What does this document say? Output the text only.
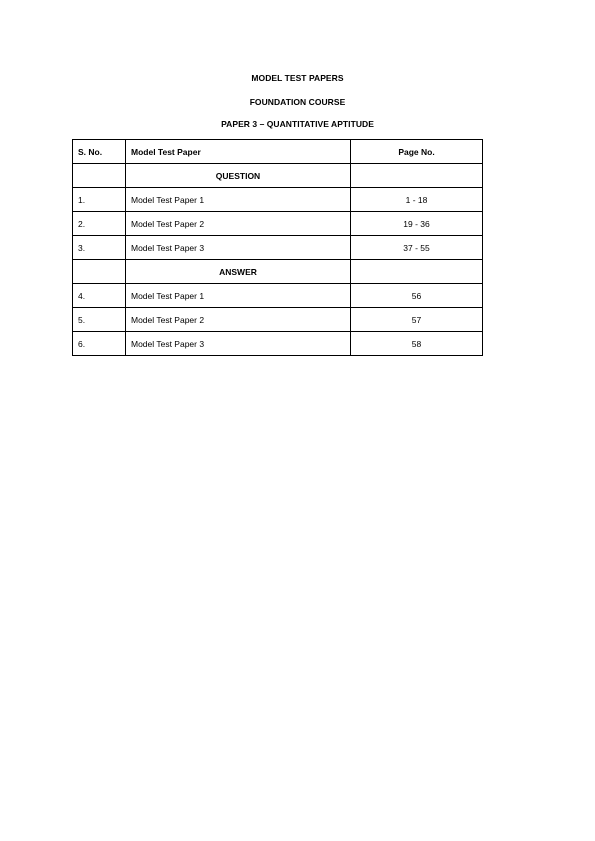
MODEL TEST PAPERS
FOUNDATION COURSE
PAPER 3 – QUANTITATIVE APTITUDE
S. No.	Model Test Paper	Page No.
	QUESTION	
1.	Model Test Paper 1	1 - 18
2.	Model Test Paper 2	19 - 36
3.	Model Test Paper 3	37 - 55
	ANSWER	
4.	Model Test Paper 1	56
5.	Model Test Paper 2	57
6.	Model Test Paper 3	58
